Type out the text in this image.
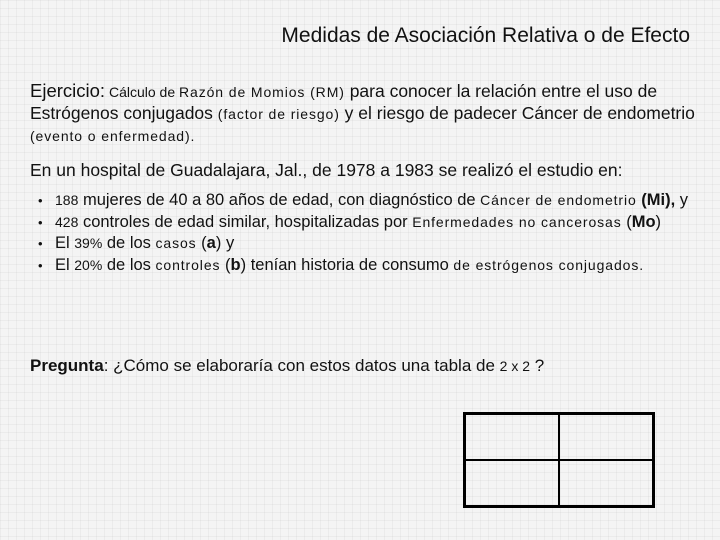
Medidas de Asociación Relativa o de Efecto

Ejercicio: Cálculo de Razón de Momios (RM) para conocer la relación entre el uso de Estrógenos conjugados (factor de riesgo) y el riesgo de padecer Cáncer de endometrio (evento o enfermedad).

En un hospital de Guadalajara, Jal., de 1978 a 1983 se realizó el estudio en:

• 188 mujeres de 40 a 80 años de edad, con diagnóstico de Cáncer de endometrio (Mi), y
• 428 controles de edad similar, hospitalizadas por Enfermedades no cancerosas (Mo)
• El 39% de los casos (a) y
• El 20% de los controles (b) tenían historia de consumo de estrógenos conjugados.

Pregunta: ¿Cómo se elaboraría con estos datos una tabla de 2 x 2 ?
